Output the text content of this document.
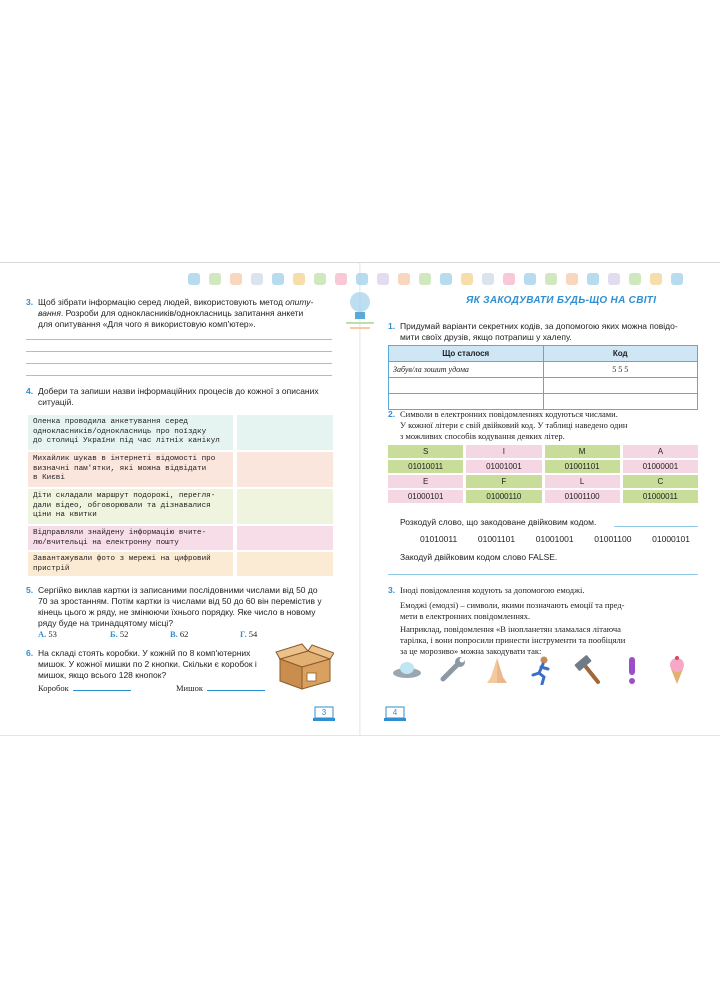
3. Щоб зібрати інформацію серед людей, використовують метод опиту-
вання. Розроби для однокласників/однокласниць запитання анкети
для опитування «Для чого я використовую комп'ютер».
4. Добери та запиши назви інформаційних процесів до кожної з описаних
ситуацій.
Оленка проводила анкетування серед
однокласників/однокласниць про поїздку
до столиці України під час літніх канікул
Михайлик шукав в інтернеті відомості про
визначні пам'ятки, які можна відвідати
в Києві
Діти складали маршрут подорожі, перегля-
дали відео, обговорювали та дізнавалися
ціни на квитки
Відправляли знайдену інформацію вчите-
лю/вчительці на електронну пошту
Завантажували фото з мережі на цифровий
пристрій
5. Сергійко виклав картки із записаними послідовними числами від 50 до
70 за зростанням. Потім картки із числами від 50 до 60 він перемістив у
кінець цього ж ряду, не змінюючи їхнього порядку. Яке число в новому
ряду буде на тринадцятому місці?
А. 53	Б. 52	В. 62	Г. 54
6. На складі стоять коробки. У кожній по 8 комп'ютерних
мишок. У кожної мишки по 2 кнопки. Скільки є коробок і
мишок, якщо всього 128 кнопок?
Коробок	Мишок
3
ЯК ЗАКОДУВАТИ БУДЬ-ЩО НА СВІТІ
1. Придумай варіанти секретних кодів, за допомогою яких можна повідо-
мити своїх друзів, якщо потрапиш у халепу.
Що сталося	Код
Забув/ла зошит удома	5 5 5

2. Символи в електронних повідомленнях кодуються числами.
У кожної літери є свій двійковий код. У таблиці наведено один
з можливих способів кодування деяких літер.
S	I	M	A
01010011	01001001	01001101	01000001
E	F	L	C
01000101	01000110	01001100	01000011
Розкодуй слово, що закодоване двійковим кодом.
01010011 01001101 01001001 01001100 01000101
Закодуй двійковим кодом слово FALSE.
3. Іноді повідомлення кодують за допомогою емоджі.
Емоджі (емодзі) – символи, якими позначають емоції та пред-
мети в електронних повідомленнях.
Наприклад, повідомлення «В інопланетян зламалася літаюча
тарілка, і вони попросили принести інструменти та пообіцяли
за це морозиво» можна закодувати так:
4
